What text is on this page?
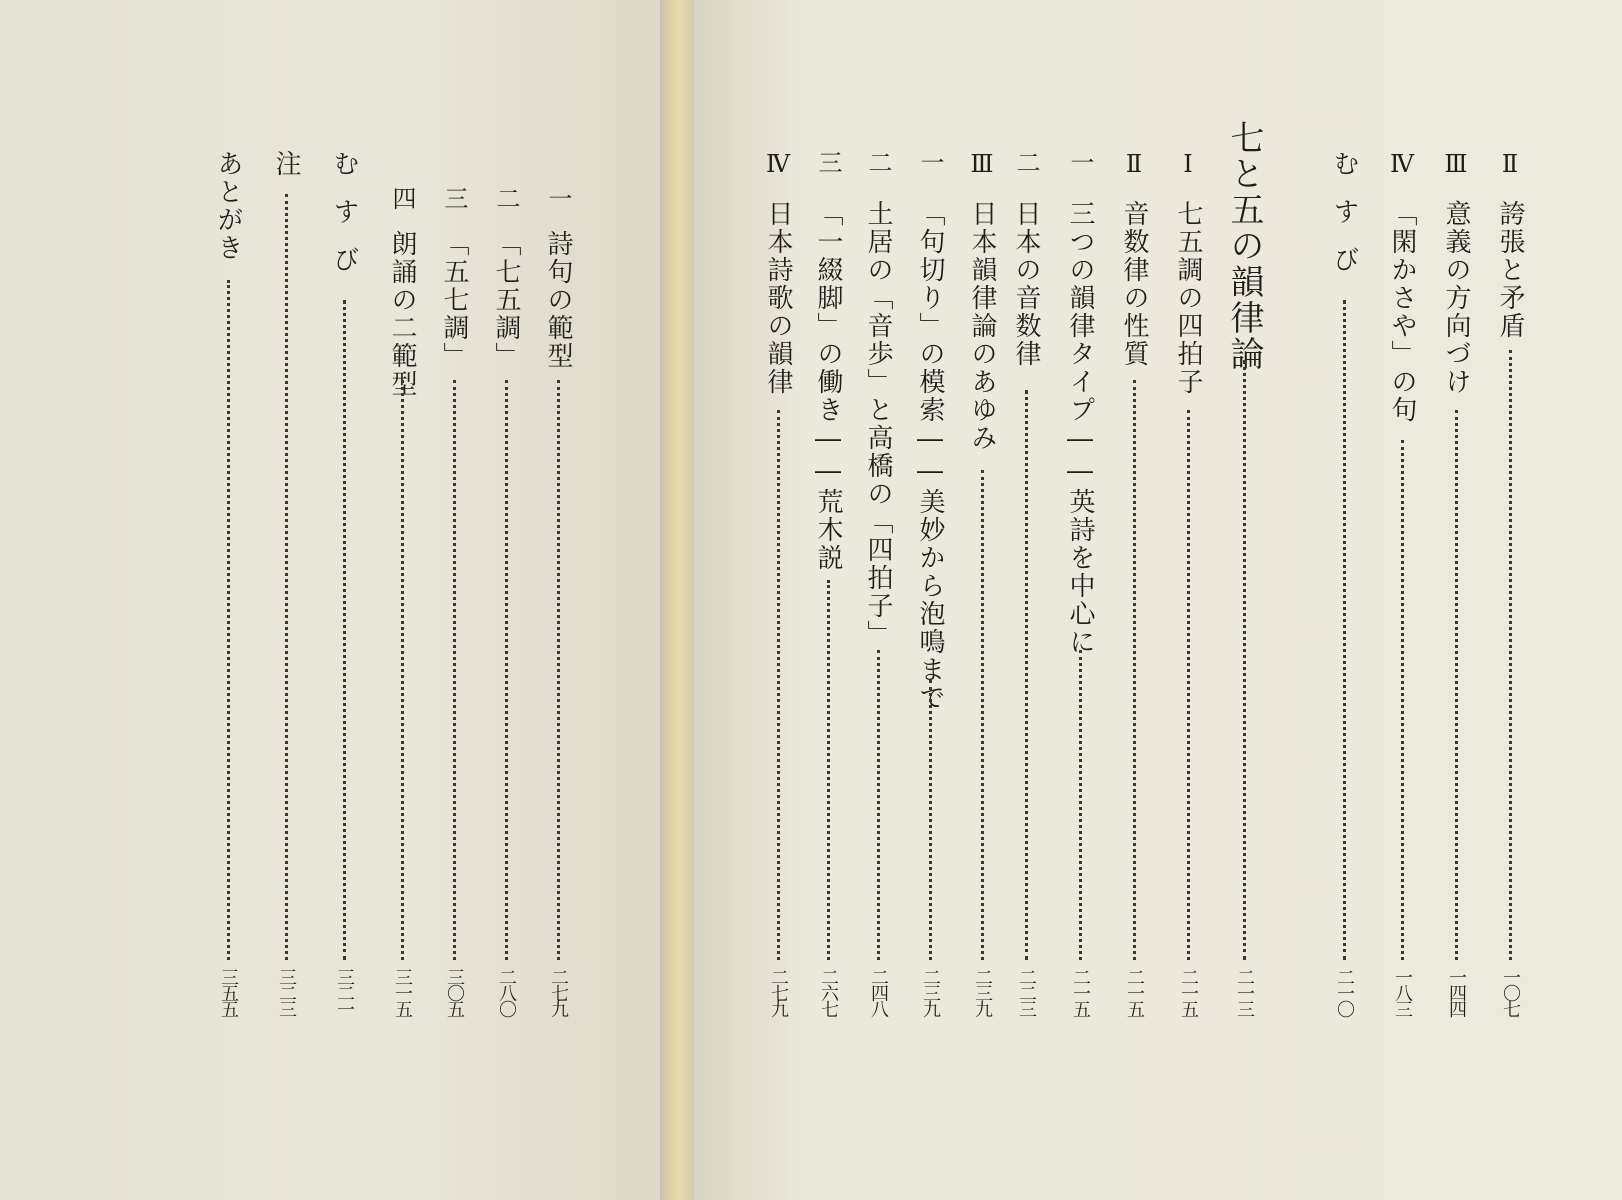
Ⅱ
誇張と矛盾
一〇七
Ⅲ
意義の方向づけ
一四四
Ⅳ
「閑かさや」の句
一八三
むすび
二一〇
七と五の韻律論
二一三
Ⅰ
七五調の四拍子
二一五
Ⅱ
音数律の性質
二一五
一
三つの韻律タイプ――英詩を中心に
二一五
二
日本の音数律
二二三
Ⅲ
日本韻律論のあゆみ
二三九
一
「句切り」の模索――美妙から泡鳴まで
二三九
二
土居の「音歩」と高橋の「四拍子」
二四八
三
「一綴脚」の働き――荒木説
二六七
Ⅳ
日本詩歌の韻律
二七九
一
詩句の範型
二七九
二
「七五調」
二八〇
三
「五七調」
三〇五
四
朗誦の二範型
三一五
むすび
三二一
注
三二三
あとがき
三五五
